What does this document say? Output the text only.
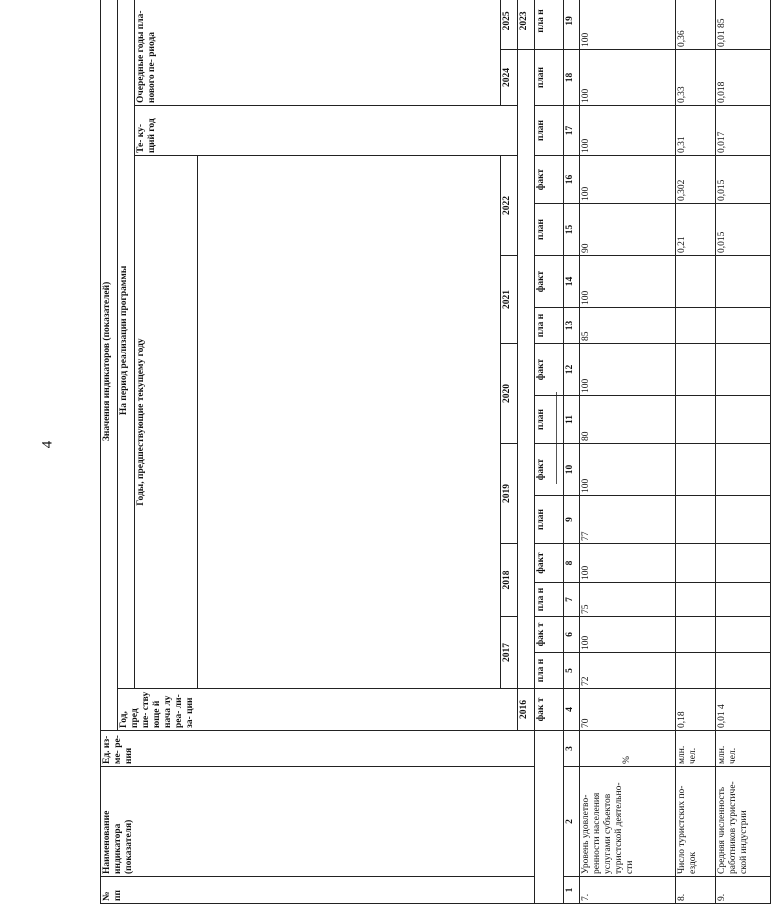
4
№ пп	Наименование индикатора (показателя)	Ед. из- ме- ре- ния	Значения индикаторов (показателей)															
			Год, пред ше- ству юще й нача лу реа- ли- за- ции	На период реализации программы														
				Годы, предшествующие текущему году												Те- ку- щий год	Очередные годы пла- нового пе- риода	

				2017		2018		2019		2020		2021		2022			2024	2025
			2016															2023
			фак т	пла н	фак т	пла н	факт	план	факт	план	факт	пла н	факт	план	факт	план	план	пла н
1	2	3	4	5	6	7	8	9	10	11	12	13	14	15	16	17	18	19
7.	Уровень удовлетво- ренности населения услугами субъектов туристской деятельно- сти	%	70	72	100	75	100	77	100	80	100	85	100	90	100	100	100	100
8.	Число туристских по- ездок	млн. чел.	0,18											0,21	0,302	0,31	0,33	0,36
9.	Средняя численность работников туристиче- ской индустрии	млн. чел.	0,01 4											0,015	0,015	0,017	0,018	0,01 85
